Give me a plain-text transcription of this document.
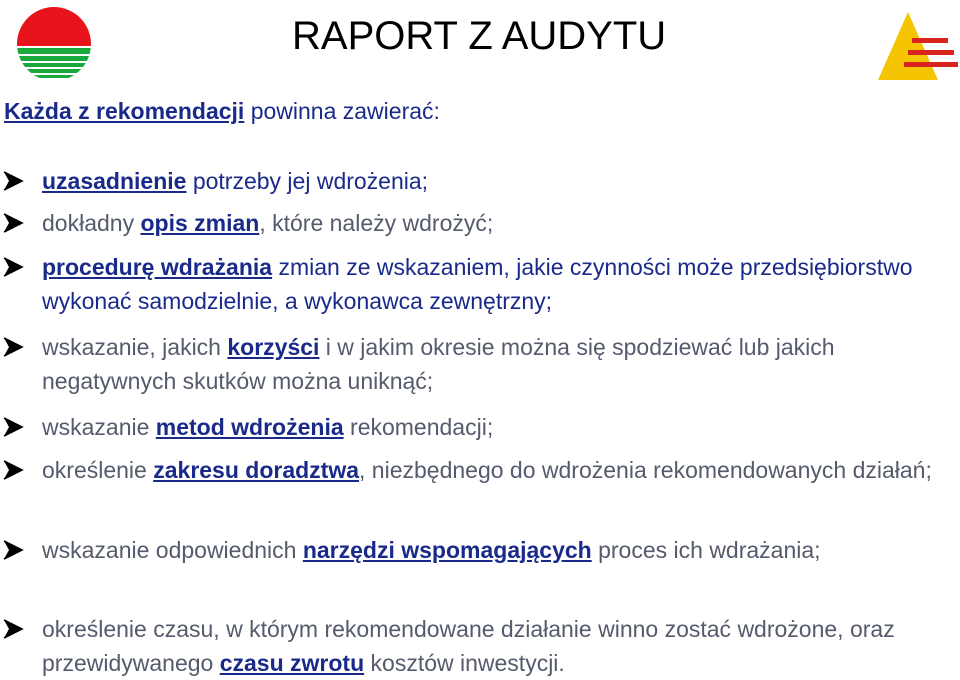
RAPORT Z AUDYTU
Każda z rekomendacji powinna zawierać:
uzasadnienie potrzeby jej wdrożenia;
dokładny opis zmian, które należy wdrożyć;
procedurę wdrażania zmian ze wskazaniem, jakie czynności może przedsiębiorstwo wykonać samodzielnie, a wykonawca zewnętrzny;
wskazanie, jakich korzyści i w jakim okresie można się spodziewać lub jakich negatywnych skutków można uniknąć;
wskazanie metod wdrożenia rekomendacji;
określenie zakresu doradztwa, niezbędnego do wdrożenia rekomendowanych działań;
wskazanie odpowiednich narzędzi wspomagających proces ich wdrażania;
określenie czasu, w którym rekomendowane działanie winno zostać wdrożone, oraz przewidywanego czasu zwrotu kosztów inwestycji.
